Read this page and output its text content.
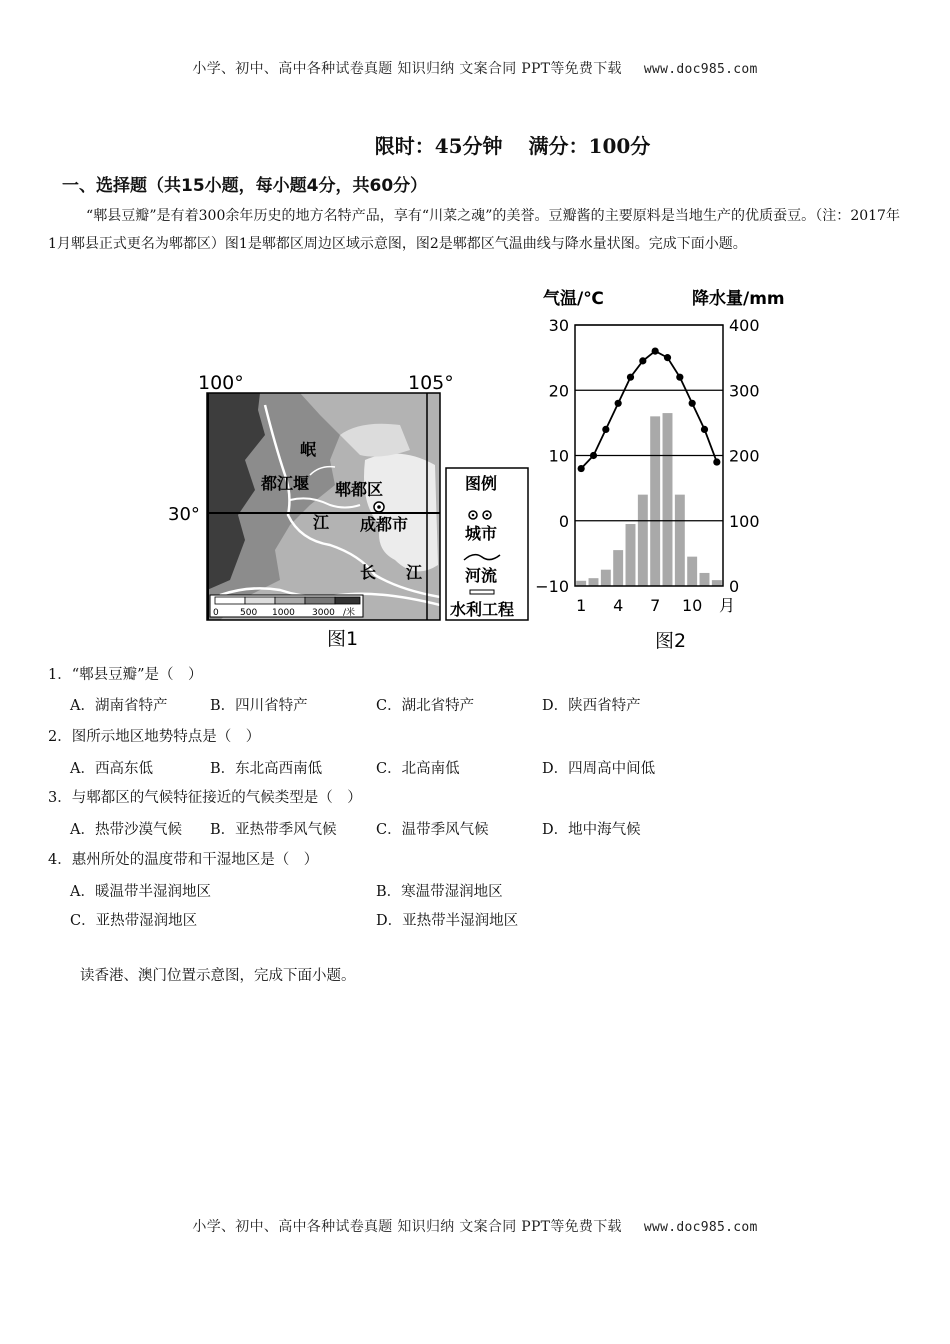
小学、初中、高中各种试卷真题 知识归纳 文案合同 PPT等免费下载 www.doc985.com
限时：45分钟 满分：100分
一、选择题（共15小题，每小题4分，共60分）
“郫县豆瓣”是有着300余年历史的地方名特产品，享有“川菜之魂”的美誉。豆瓣酱的主要原料是当地生产的优质蚕豆。（注：2017年1月郫县正式更名为郫都区）图1是郫都区周边区域示意图，图2是郫都区气温曲线与降水量状图。完成下面小题。
100°	105°
30°
岷
都江堰
江
郫都区
成都市
长 江
0 500 1000 3000 /米
图例
城市
河流
水利工程
图1
气温/℃	降水量/mm
30
20
10
0
−10
400
300
200
100
0
1 4 7 10 月
图2
1．“郫县豆瓣”是（　）
A．湖南省特产	B．四川省特产	C．湖北省特产	D．陕西省特产
2．图所示地区地势特点是（　）
A．西高东低	B．东北高西南低	C．北高南低	D．四周高中间低
3．与郫都区的气候特征接近的气候类型是（　）
A．热带沙漠气候 B．亚热带季风气候	C．温带季风气候	D．地中海气候
4．惠州所处的温度带和干湿地区是（　）
A．暖温带半湿润地区	B．寒温带湿润地区
C．亚热带湿润地区	D．亚热带半湿润地区
读香港、澳门位置示意图，完成下面小题。
小学、初中、高中各种试卷真题 知识归纳 文案合同 PPT等免费下载 www.doc985.com
